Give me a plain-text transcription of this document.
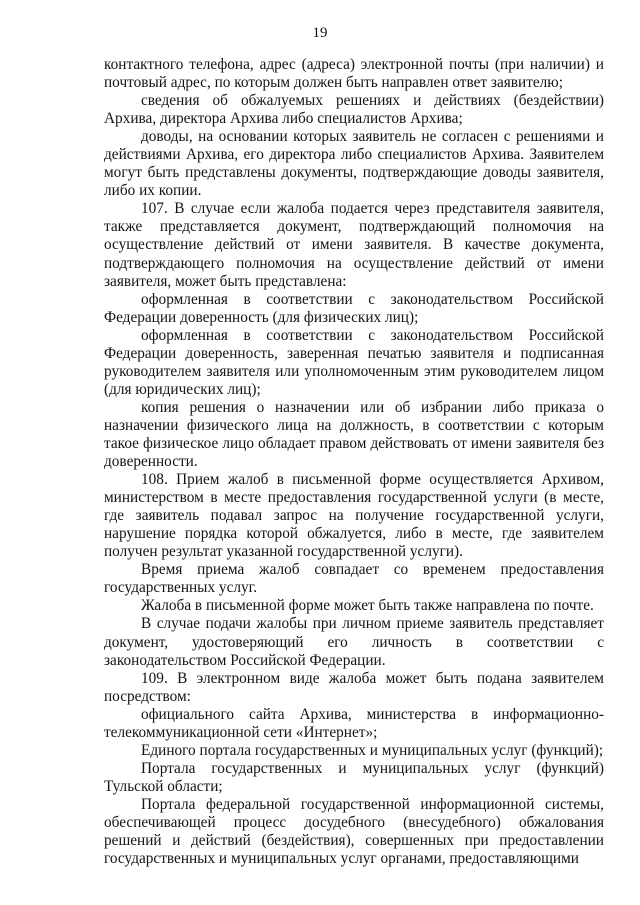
19

контактного телефона, адрес (адреса) электронной почты (при наличии) и почтовый адрес, по которым должен быть направлен ответ заявителю;

сведения об обжалуемых решениях и действиях (бездействии) Архива, директора Архива либо специалистов Архива;

доводы, на основании которых заявитель не согласен с решениями и действиями Архива, его директора либо специалистов Архива. Заявителем могут быть представлены документы, подтверждающие доводы заявителя, либо их копии.

107. В случае если жалоба подается через представителя заявителя, также представляется документ, подтверждающий полномочия на осуществление действий от имени заявителя. В качестве документа, подтверждающего полномочия на осуществление действий от имени заявителя, может быть представлена:

оформленная в соответствии с законодательством Российской Федерации доверенность (для физических лиц);

оформленная в соответствии с законодательством Российской Федерации доверенность, заверенная печатью заявителя и подписанная руководителем заявителя или уполномоченным этим руководителем лицом (для юридических лиц);

копия решения о назначении или об избрании либо приказа о назначении физического лица на должность, в соответствии с которым такое физическое лицо обладает правом действовать от имени заявителя без доверенности.

108. Прием жалоб в письменной форме осуществляется Архивом, министерством в месте предоставления государственной услуги (в месте, где заявитель подавал запрос на получение государственной услуги, нарушение порядка которой обжалуется, либо в месте, где заявителем получен результат указанной государственной услуги).

Время приема жалоб совпадает со временем предоставления государственных услуг.

Жалоба в письменной форме может быть также направлена по почте.

В случае подачи жалобы при личном приеме заявитель представляет документ, удостоверяющий его личность в соответствии с законодательством Российской Федерации.

109. В электронном виде жалоба может быть подана заявителем посредством:

официального сайта Архива, министерства в информационно-телекоммуникационной сети «Интернет»;

Единого портала государственных и муниципальных услуг (функций);

Портала государственных и муниципальных услуг (функций) Тульской области;

Портала федеральной государственной информационной системы, обеспечивающей процесс досудебного (внесудебного) обжалования решений и действий (бездействия), совершенных при предоставлении государственных и муниципальных услуг органами, предоставляющими
